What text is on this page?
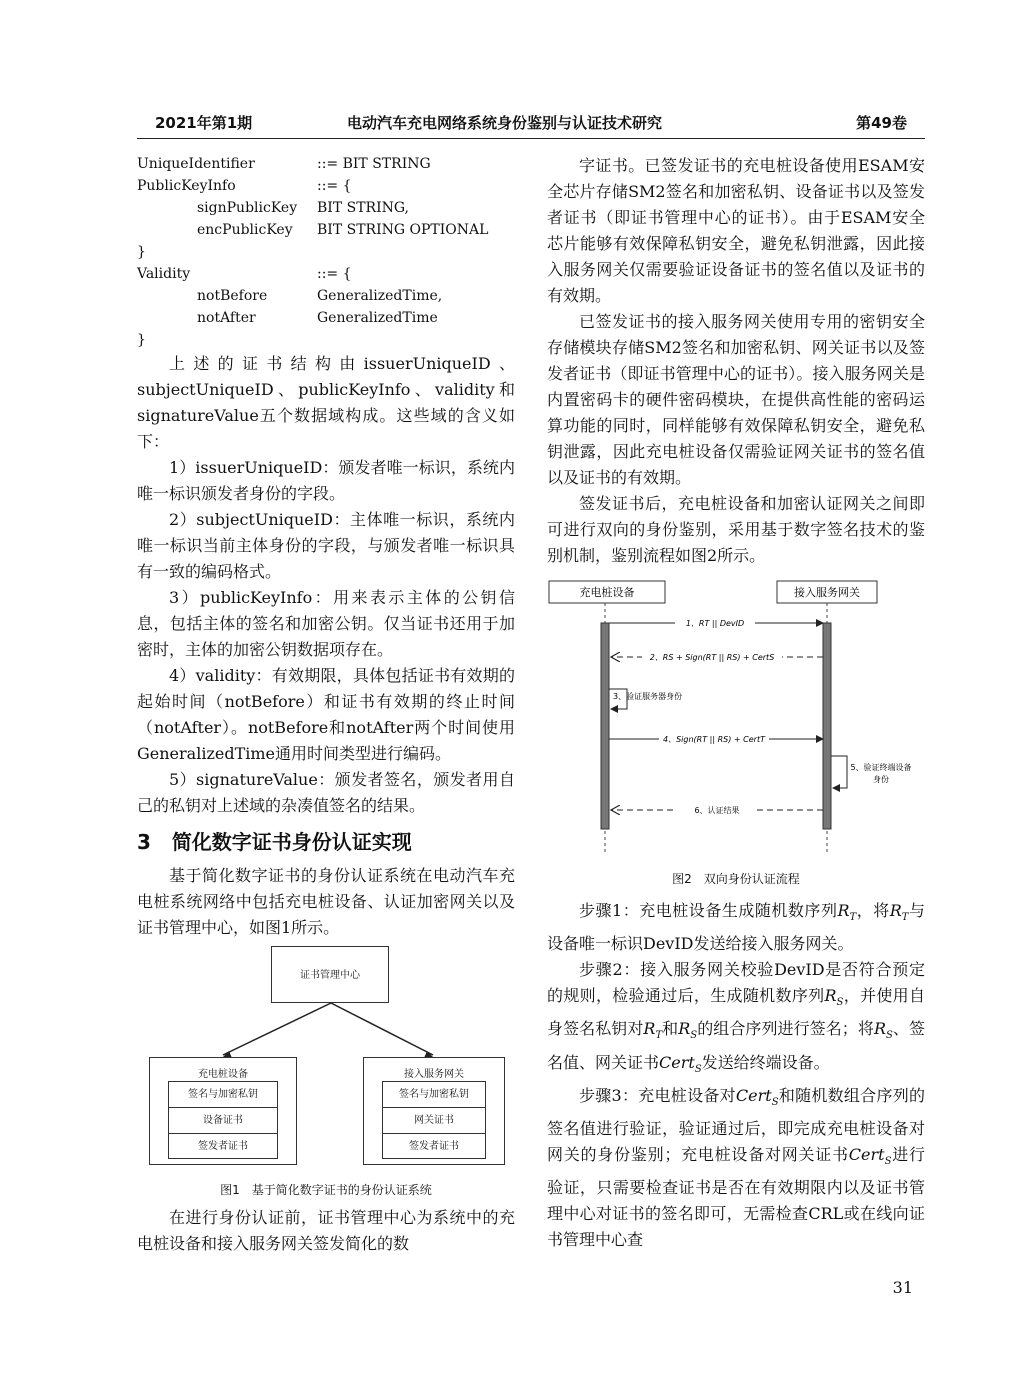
2021年第1期	电动汽车充电网络系统身份鉴别与认证技术研究	第49卷
UniqueIdentifier	::= BIT STRING
PublicKeyInfo	::= {
signPublicKey BIT STRING,
encPublicKey BIT STRING OPTIONAL
}
Validity	::= {
notBefore	GeneralizedTime,
notAfter	GeneralizedTime
}

上述的证书结构由issuerUniqueID、subjectUniqueID、publicKeyInfo、validity和signatureValue五个数据域构成。这些域的含义如下：

1）issuerUniqueID：颁发者唯一标识，系统内唯一标识颁发者身份的字段。

2）subjectUniqueID：主体唯一标识，系统内唯一标识当前主体身份的字段，与颁发者唯一标识具有一致的编码格式。

3）publicKeyInfo：用来表示主体的公钥信息，包括主体的签名和加密公钥。仅当证书还用于加密时，主体的加密公钥数据项存在。

4）validity：有效期限，具体包括证书有效期的起始时间（notBefore）和证书有效期的终止时间（notAfter）。notBefore和notAfter两个时间使用GeneralizedTime通用时间类型进行编码。

5）signatureValue：颁发者签名，颁发者用自己的私钥对上述域的杂凑值签名的结果。

3 简化数字证书身份认证实现

基于简化数字证书的身份认证系统在电动汽车充电桩系统网络中包括充电桩设备、认证加密网关以及证书管理中心，如图1所示。

证书管理中心
充电桩设备
签名与加密私钥
设备证书
签发者证书
接入服务网关
签名与加密私钥
网关证书
签发者证书
图1　基于简化数字证书的身份认证系统

在进行身份认证前，证书管理中心为系统中的充电桩设备和接入服务网关签发简化的数

字证书。已签发证书的充电桩设备使用ESAM安全芯片存储SM2签名和加密私钥、设备证书以及签发者证书（即证书管理中心的证书）。由于ESAM安全芯片能够有效保障私钥安全，避免私钥泄露，因此接入服务网关仅需要验证设备证书的签名值以及证书的有效期。

已签发证书的接入服务网关使用专用的密钥安全存储模块存储SM2签名和加密私钥、网关证书以及签发者证书（即证书管理中心的证书）。接入服务网关是内置密码卡的硬件密码模块，在提供高性能的密码运算功能的同时，同样能够有效保障私钥安全，避免私钥泄露，因此充电桩设备仅需验证网关证书的签名值以及证书的有效期。

签发证书后，充电桩设备和加密认证网关之间即可进行双向的身份鉴别，采用基于数字签名技术的鉴别机制，鉴别流程如图2所示。

充电桩设备	接入服务网关
1、RT || DevID
2、RS + Sign(RT || RS) + CertS
3、验证服务器身份
4、Sign(RT || RS) + CertT
5、验证终端设备
身份
6、认证结果
图2　双向身份认证流程

步骤1：充电桩设备生成随机数序列$R_T$，将$R_T$与设备唯一标识DevID发送给接入服务网关。

步骤2：接入服务网关校验DevID是否符合预定的规则，检验通过后，生成随机数序列$R_S$，并使用自身签名私钥对$R_T$和$R_S$的组合序列进行签名；将$R_S$、签名值、网关证书Cert$_S$发送给终端设备。

步骤3：充电桩设备对Cert$_S$和随机数组合序列的签名值进行验证，验证通过后，即完成充电桩设备对网关的身份鉴别；充电桩设备对网关证书Cert$_S$进行验证，只需要检查证书是否在有效期限内以及证书管理中心对证书的签名即可，无需检查CRL或在线向证书管理中心查

31
